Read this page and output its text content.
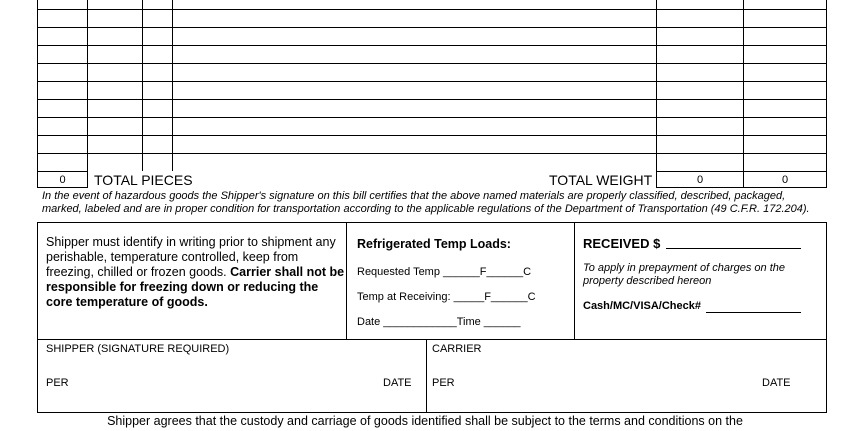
0	TOTAL PIECES	TOTAL WEIGHT	0	0
In the event of hazardous goods the Shipper's signature on this bill certifies that the above named materials are properly classified, described, packaged, marked, labeled and are in proper condition for transportation according to the applicable regulations of the Department of Transportation (49 C.F.R. 172.204).
Shipper must identify in writing prior to shipment any perishable, temperature controlled, keep from freezing, chilled or frozen goods. Carrier shall not be responsible for freezing down or reducing the core temperature of goods.
Refrigerated Temp Loads:
Requested Temp ______F______C
Temp at Receiving: _____F______C
Date ____________Time ______
RECEIVED $
To apply in prepayment of charges on the property described hereon
Cash/MC/VISA/Check#
SHIPPER (SIGNATURE REQUIRED)	CARRIER
PER	DATE PER	DATE
Shipper agrees that the custody and carriage of goods identified shall be subject to the terms and conditions on the
